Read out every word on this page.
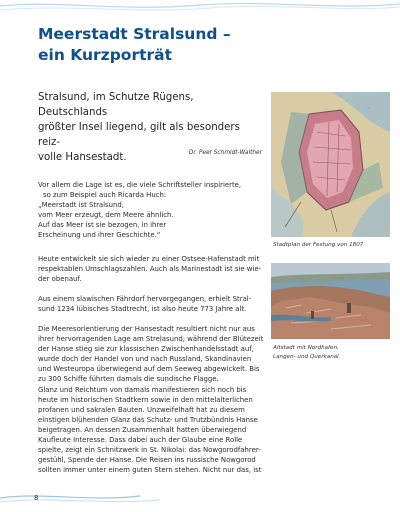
Meerstadt Stralsund –
ein Kurzporträt

Stralsund, im Schutze Rügens, Deutschlands
größter Insel liegend, gilt als besonders reiz-
volle Hansestadt.	Dr. Peer Schmidt-Walther

Vor allem die Lage ist es, die viele Schriftsteller inspirierte,
so zum Beispiel auch Ricarda Huch:
„Meerstadt ist Stralsund,
vom Meer erzeugt, dem Meere ähnlich.
Auf das Meer ist sie bezogen, in ihrer
Erscheinung und ihrer Geschichte.“

Heute entwickelt sie sich wieder zu einer Ostsee-Hafenstadt mit
respektablen Umschlagszahlen. Auch als Marinestadt ist sie wie-
der obenauf.

Aus einem slawischen Fährdorf hervorgegangen, erhielt Stral-
sund 1234 lübisches Stadtrecht, ist also heute 773 Jahre alt.

Die Meeresorientierung der Hansestadt resultiert nicht nur aus
ihrer hervorragenden Lage am Strelasund; während der Blütezeit
der Hanse stieg sie zur klassischen Zwischenhandelsstadt auf,
wurde doch der Handel von und nach Russland, Skandinavien
und Westeuropa überwiegend auf dem Seeweg abgewickelt. Bis
zu 300 Schiffe führten damals die sundische Flagge.
Glanz und Reichtum von damals manifestieren sich noch bis
heute im historischen Stadtkern sowie in den mittelalterlichen
profanen und sakralen Bauten. Unzweifelhaft hat zu diesem
einstigen blühenden Glanz das Schutz- und Trutzbündnis Hanse
beigetragen. An dessen Zusammenhalt hatten überwiegend
Kaufleute Interesse. Dass dabei auch der Glaube eine Rolle
spielte, zeigt ein Schnitzwerk in St. Nikolai: das Nowgorodfahrer-
gestühl, Spende der Hanse. Die Reisen ins russische Nowgorod
sollten immer unter einem guten Stern stehen. Nicht nur das, ist

◦

Stadtplan der Festung von 1807

Altstadt mit Nordhafen,
Langen- und Querkanal

8
